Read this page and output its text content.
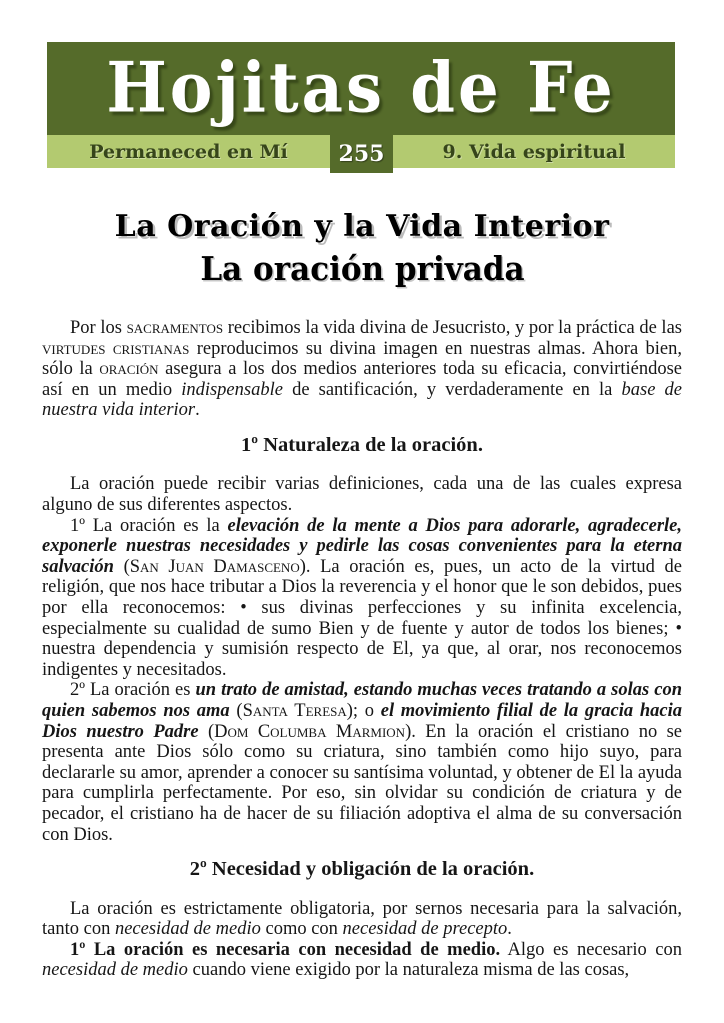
Hojitas de Fe
Permaneced en Mí	255	9. Vida espiritual
La Oración y la Vida Interior
La oración privada

Por los sacramentos recibimos la vida divina de Jesucristo, y por la práctica de las virtudes cristianas reproducimos su divina imagen en nuestras almas. Ahora bien, sólo la oración asegura a los dos medios anteriores toda su eficacia, convirtiéndose así en un medio indispensable de santificación, y verdaderamente en la base de nuestra vida interior.

1º Naturaleza de la oración.

La oración puede recibir varias definiciones, cada una de las cuales expresa alguno de sus diferentes aspectos.

1º La oración es la elevación de la mente a Dios para adorarle, agradecerle, exponerle nuestras necesidades y pedirle las cosas convenientes para la eterna salvación (San Juan Damasceno). La oración es, pues, un acto de la virtud de religión, que nos hace tributar a Dios la reverencia y el honor que le son debidos, pues por ella reconocemos: • sus divinas perfecciones y su infinita excelencia, especialmente su cualidad de sumo Bien y de fuente y autor de todos los bienes; • nuestra dependencia y sumisión respecto de El, ya que, al orar, nos reconocemos indigentes y necesitados.

2º La oración es un trato de amistad, estando muchas veces tratando a solas con quien sabemos nos ama (Santa Teresa); o el movimiento filial de la gracia hacia Dios nuestro Padre (Dom Columba Marmion). En la oración el cristiano no se presenta ante Dios sólo como su criatura, sino también como hijo suyo, para declararle su amor, aprender a conocer su santísima voluntad, y obtener de El la ayuda para cumplirla perfectamente. Por eso, sin olvidar su condición de criatura y de pecador, el cristiano ha de hacer de su filiación adoptiva el alma de su conversación con Dios.

2º Necesidad y obligación de la oración.

La oración es estrictamente obligatoria, por sernos necesaria para la salvación, tanto con necesidad de medio como con necesidad de precepto.

1º La oración es necesaria con necesidad de medio. Algo es necesario con necesidad de medio cuando viene exigido por la naturaleza misma de las cosas,
